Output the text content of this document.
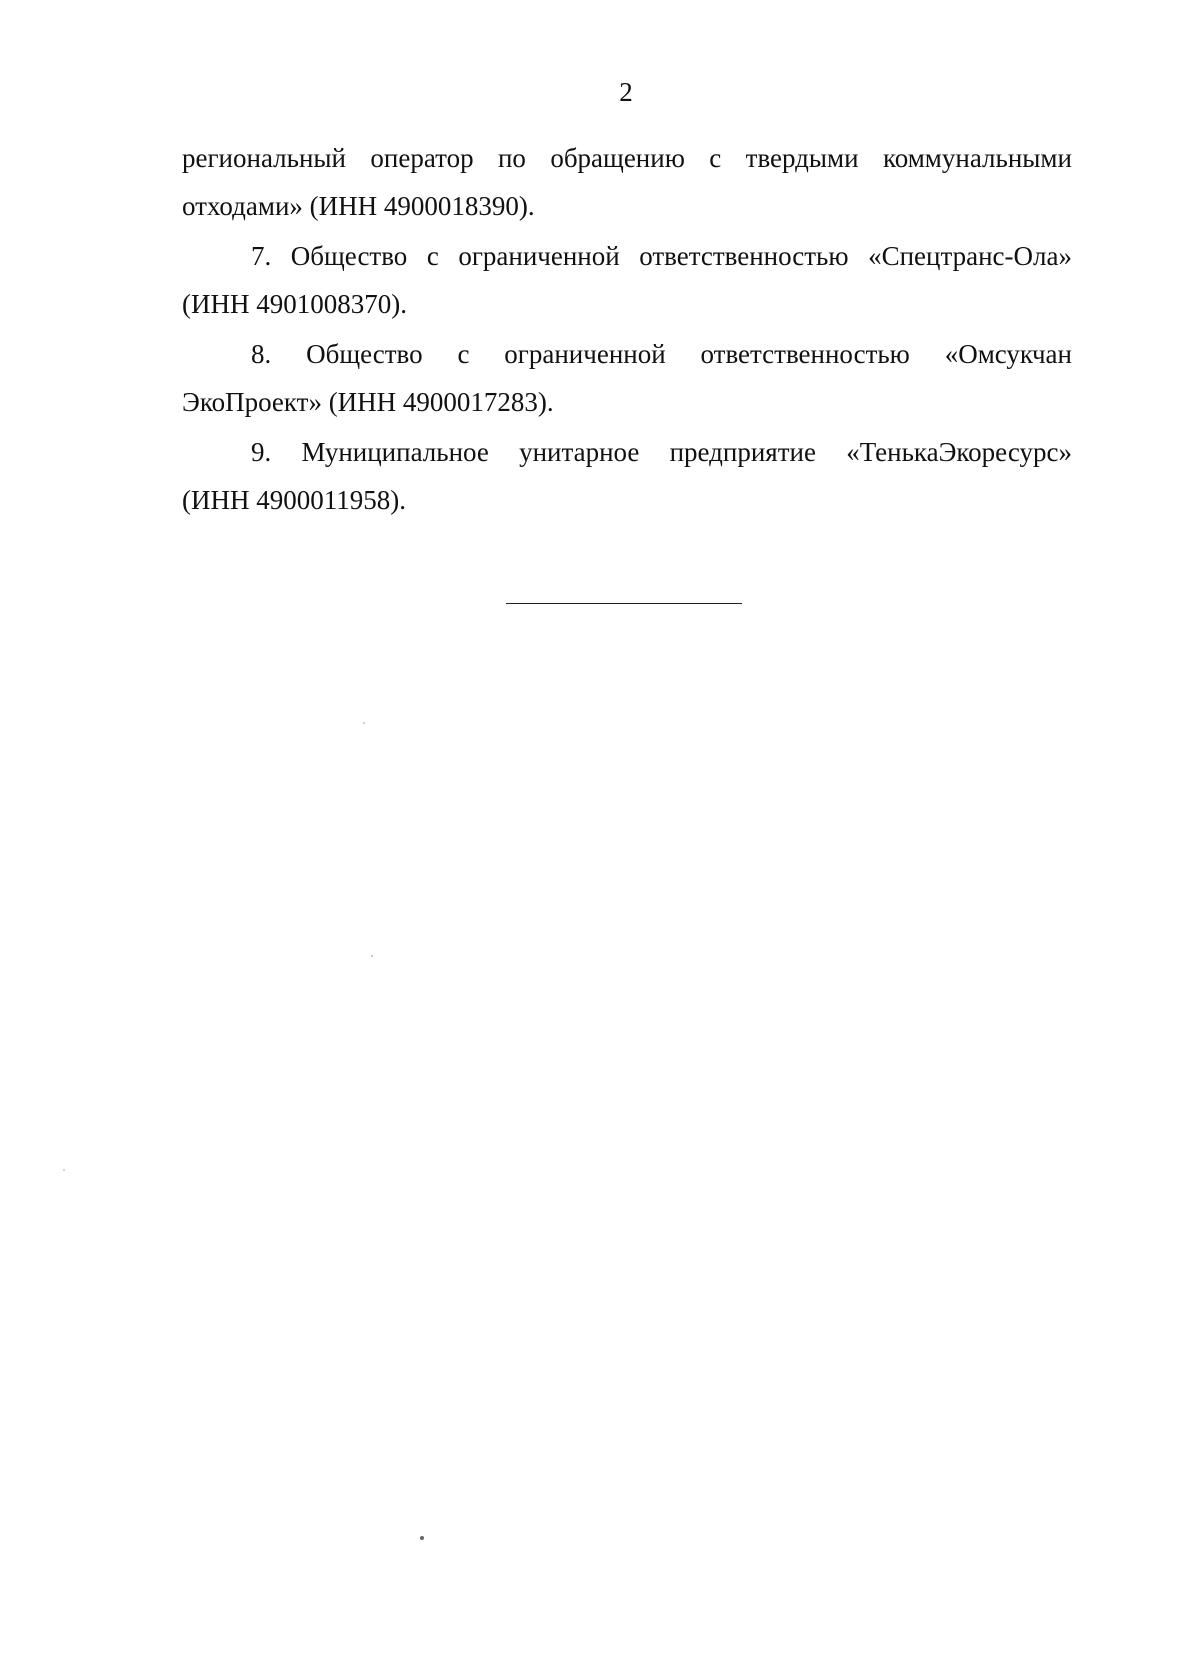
2
региональный оператор по обращению с твердыми коммунальными
отходами» (ИНН 4900018390).
7. Общество с ограниченной ответственностью «Спецтранс-Ола»
(ИНН 4901008370).
8. Общество с ограниченной ответственностью «Омсукчан
ЭкоПроект» (ИНН 4900017283).
9. Муниципальное унитарное предприятие «ТенькаЭкоресурс»
(ИНН 4900011958).
